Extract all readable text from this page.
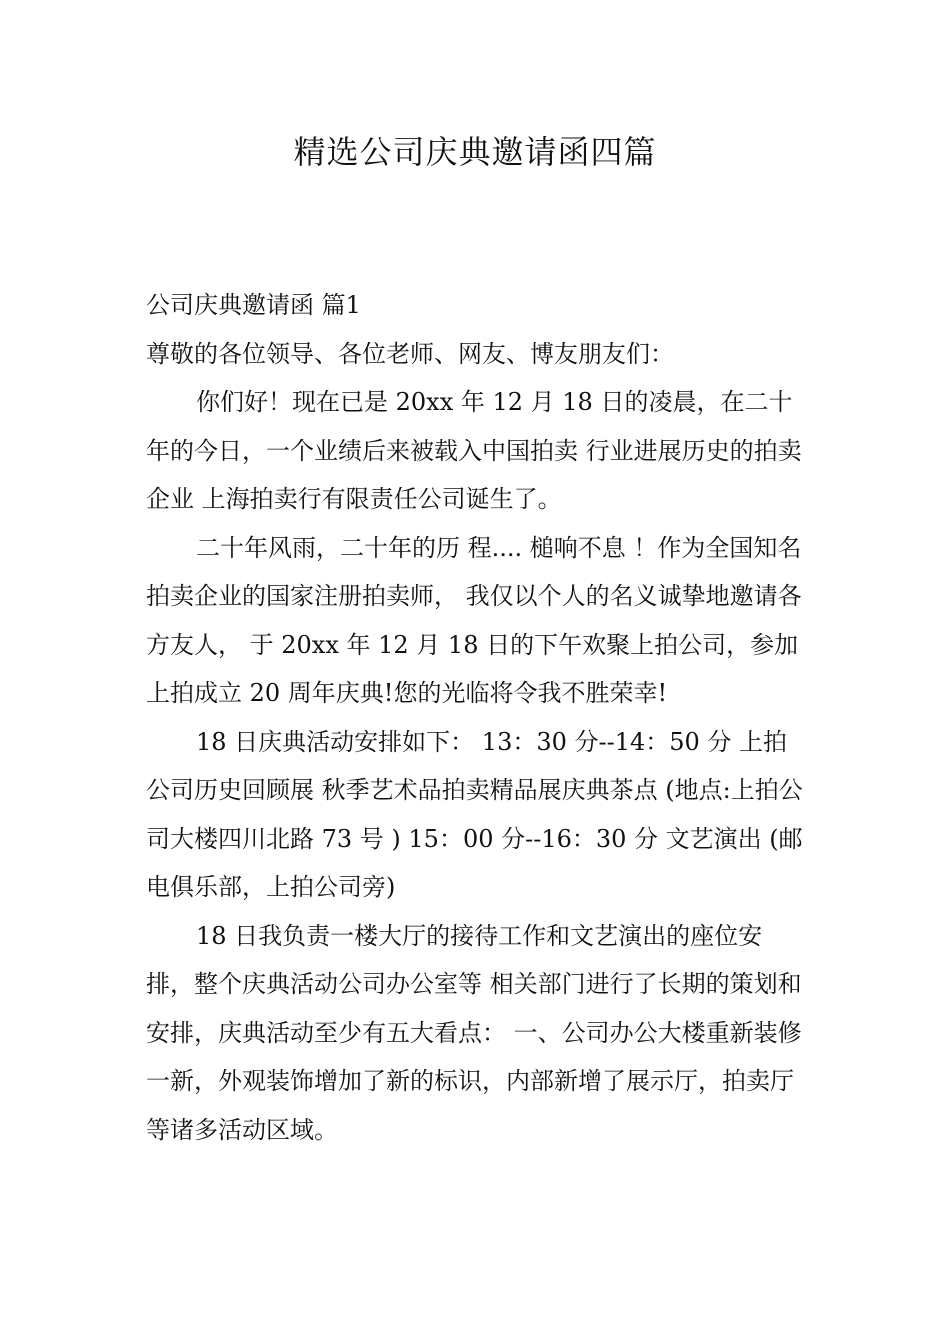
精选公司庆典邀请函四篇

公司庆典邀请函 篇1

尊敬的各位领导、各位老师、网友、博友朋友们：

你们好！现在已是 20xx 年 12 月 18 日的凌晨，在二十年的今日，一个业绩后来被载入中国拍卖 行业进展历史的拍卖企业 上海拍卖行有限责任公司诞生了。

二十年风雨，二十年的历 程.... 槌响不息 ！作为全国知名拍卖企业的国家注册拍卖师， 我仅以个人的名义诚挚地邀请各方友人， 于 20xx 年 12 月 18 日的下午欢聚上拍公司，参加上拍成立 20 周年庆典!您的光临将令我不胜荣幸!

18 日庆典活动安排如下： 13：30 分--14：50 分 上拍公司历史回顾展 秋季艺术品拍卖精品展庆典茶点 (地点:上拍公司大楼四川北路 73 号 ) 15：00 分--16：30 分 文艺演出 (邮电俱乐部，上拍公司旁)

18 日我负责一楼大厅的接待工作和文艺演出的座位安排，整个庆典活动公司办公室等 相关部门进行了长期的策划和安排，庆典活动至少有五大看点： 一、公司办公大楼重新装修一新，外观装饰增加了新的标识，内部新增了展示厅，拍卖厅等诸多活动区域。
